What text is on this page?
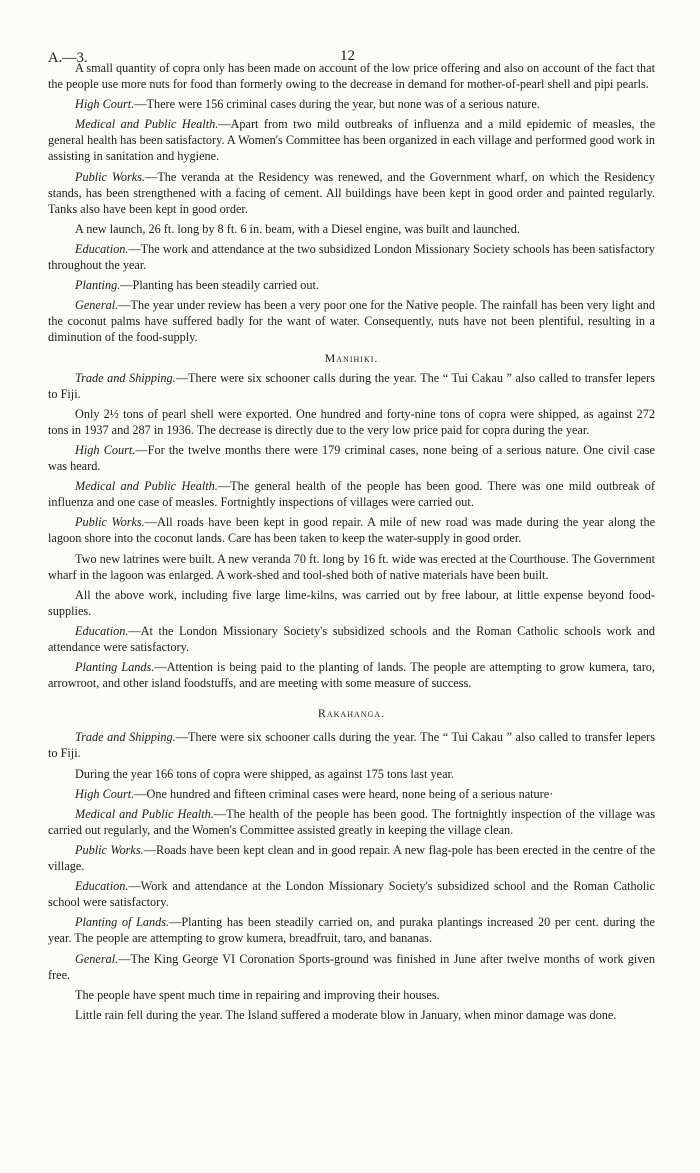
A.—3.	12

A small quantity of copra only has been made on account of the low price offering and also on account of the fact that the people use more nuts for food than formerly owing to the decrease in demand for mother-of-pearl shell and pipi pearls.

High Court.—There were 156 criminal cases during the year, but none was of a serious nature.

Medical and Public Health.—Apart from two mild outbreaks of influenza and a mild epidemic of measles, the general health has been satisfactory. A Women's Committee has been organized in each village and performed good work in assisting in sanitation and hygiene.

Public Works.—The veranda at the Residency was renewed, and the Government wharf, on which the Residency stands, has been strengthened with a facing of cement. All buildings have been kept in good order and painted regularly. Tanks also have been kept in good order.

A new launch, 26 ft. long by 8 ft. 6 in. beam, with a Diesel engine, was built and launched.

Education.—The work and attendance at the two subsidized London Missionary Society schools has been satisfactory throughout the year.

Planting.—Planting has been steadily carried out.

General.—The year under review has been a very poor one for the Native people. The rainfall has been very light and the coconut palms have suffered badly for the want of water. Consequently, nuts have not been plentiful, resulting in a diminution of the food-supply.

Manihiki.

Trade and Shipping.—There were six schooner calls during the year. The “ Tui Cakau ” also called to transfer lepers to Fiji.

Only 2½ tons of pearl shell were exported. One hundred and forty-nine tons of copra were shipped, as against 272 tons in 1937 and 287 in 1936. The decrease is directly due to the very low price paid for copra during the year.

High Court.—For the twelve months there were 179 criminal cases, none being of a serious nature. One civil case was heard.

Medical and Public Health.—The general health of the people has been good. There was one mild outbreak of influenza and one case of measles. Fortnightly inspections of villages were carried out.

Public Works.—All roads have been kept in good repair. A mile of new road was made during the year along the lagoon shore into the coconut lands. Care has been taken to keep the water-supply in good order.

Two new latrines were built. A new veranda 70 ft. long by 16 ft. wide was erected at the Courthouse. The Government wharf in the lagoon was enlarged. A work-shed and tool-shed both of native materials have been built.

All the above work, including five large lime-kilns, was carried out by free labour, at little expense beyond food-supplies.

Education.—At the London Missionary Society's subsidized schools and the Roman Catholic schools work and attendance were satisfactory.

Planting Lands.—Attention is being paid to the planting of lands. The people are attempting to grow kumera, taro, arrowroot, and other island foodstuffs, and are meeting with some measure of success.

Rakahanga.

Trade and Shipping.—There were six schooner calls during the year. The “ Tui Cakau ” also called to transfer lepers to Fiji.

During the year 166 tons of copra were shipped, as against 175 tons last year.

High Court.—One hundred and fifteen criminal cases were heard, none being of a serious nature·

Medical and Public Health.—The health of the people has been good. The fortnightly inspection of the village was carried out regularly, and the Women's Committee assisted greatly in keeping the village clean.

Public Works.—Roads have been kept clean and in good repair. A new flag-pole has been erected in the centre of the village.

Education.—Work and attendance at the London Missionary Society's subsidized school and the Roman Catholic school were satisfactory.

Planting of Lands.—Planting has been steadily carried on, and puraka plantings increased 20 per cent. during the year. The people are attempting to grow kumera, breadfruit, taro, and bananas.

General.—The King George VI Coronation Sports-ground was finished in June after twelve months of work given free.

The people have spent much time in repairing and improving their houses.

Little rain fell during the year. The Island suffered a moderate blow in January, when minor damage was done.
